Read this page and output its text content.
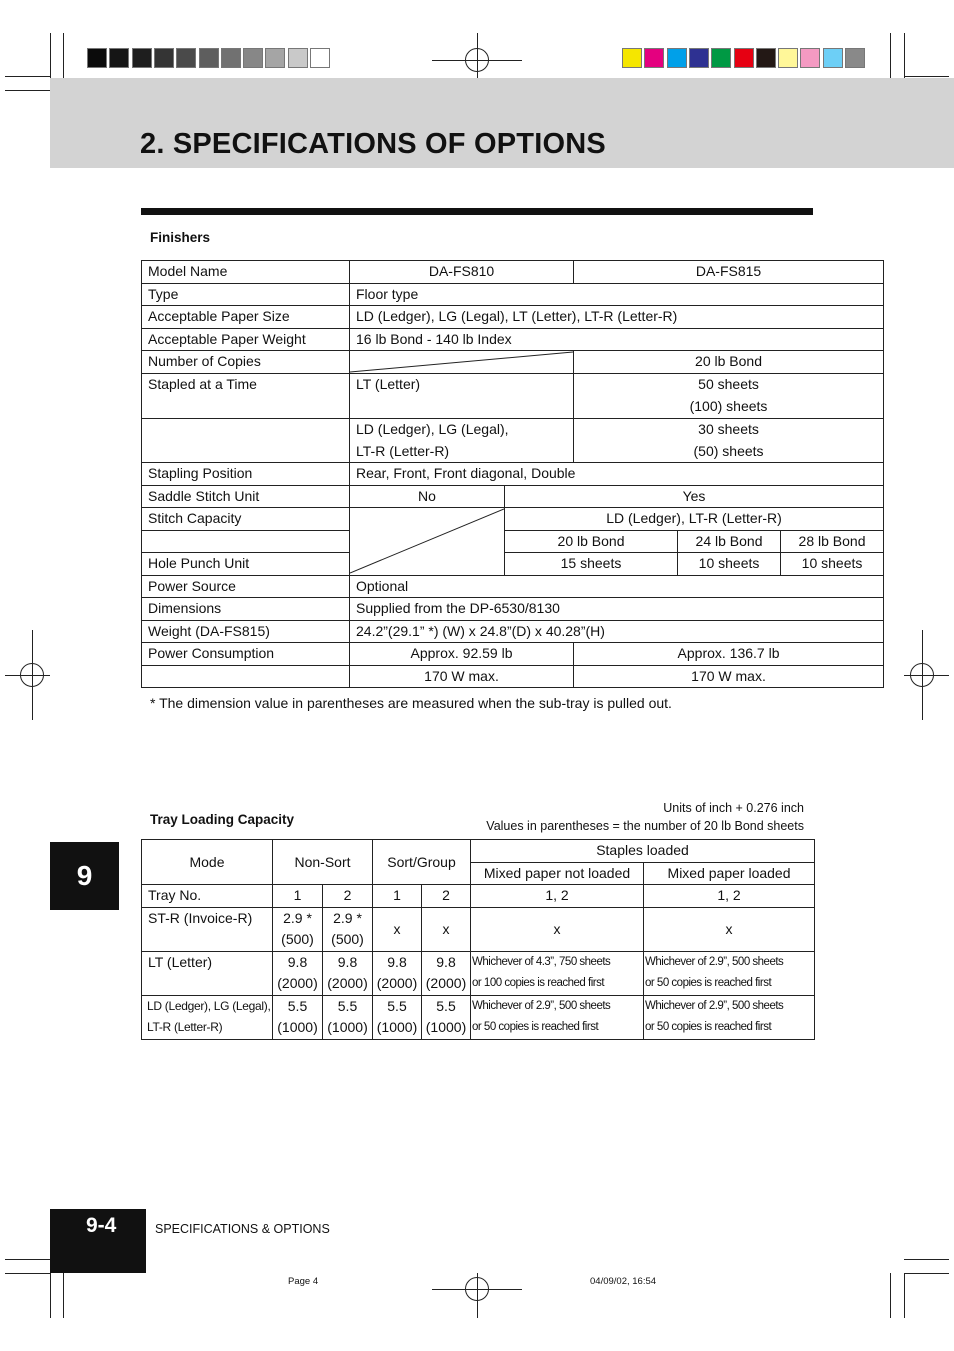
2. SPECIFICATIONS OF OPTIONS
Finishers
Model Name	DA-FS810		DA-FS815		
Type	Floor type				
Acceptable Paper Size	LD (Ledger), LG (Legal), LT (Letter), LT-R (Letter-R)				
Acceptable Paper Weight	16 lb Bond - 140 lb Index				
Number of Copies			20 lb Bond		
Stapled at a Time	LT (Letter)		50 sheets		
			(100) sheets		
	LD (Ledger), LG (Legal),		30 sheets		
	LT-R (Letter-R)		(50) sheets		
Stapling Position	Rear, Front, Front diagonal, Double				
Saddle Stitch Unit	No	Yes			
Stitch Capacity		LD (Ledger), LT-R (Letter-R)			
		20 lb Bond		24 lb Bond	28 lb Bond
Hole Punch Unit		15 sheets		10 sheets	10 sheets
Power Source	Optional				
Dimensions	Supplied from the DP-6530/8130				
Weight (DA-FS815)	24.2”(29.1” *) (W) x 24.8”(D) x 40.28”(H)				
Power Consumption	Approx. 92.59 lb		Approx. 136.7 lb		
	170 W max.		170 W max.		
* The dimension value in parentheses are measured when the sub-tray is pulled out.
Tray Loading Capacity
Units of inch + 0.276 inch
Values in parentheses = the number of 20 lb Bond sheets
Mode	Non-Sort		Sort/Group		Staples loaded	
					Mixed paper not loaded	Mixed paper loaded
Tray No.	1	2	1	2	1, 2	1, 2
ST-R (Invoice-R)	2.9 *	2.9 *	x	x	x	x
	(500)	(500)				
LT (Letter)	9.8	9.8	9.8	9.8	Whichever of 4.3”, 750 sheets	Whichever of 2.9”, 500 sheets
	(2000)	(2000)	(2000)	(2000)	or 100 copies is reached first	or 50 copies is reached first
LD (Ledger), LG (Legal),	5.5	5.5	5.5	5.5	Whichever of 2.9”, 500 sheets	Whichever of 2.9”, 500 sheets
LT-R (Letter-R)	(1000)	(1000)	(1000)	(1000)	or 50 copies is reached first	or 50 copies is reached first
9
9-4	SPECIFICATIONS & OPTIONS
Page 4	04/09/02, 16:54
